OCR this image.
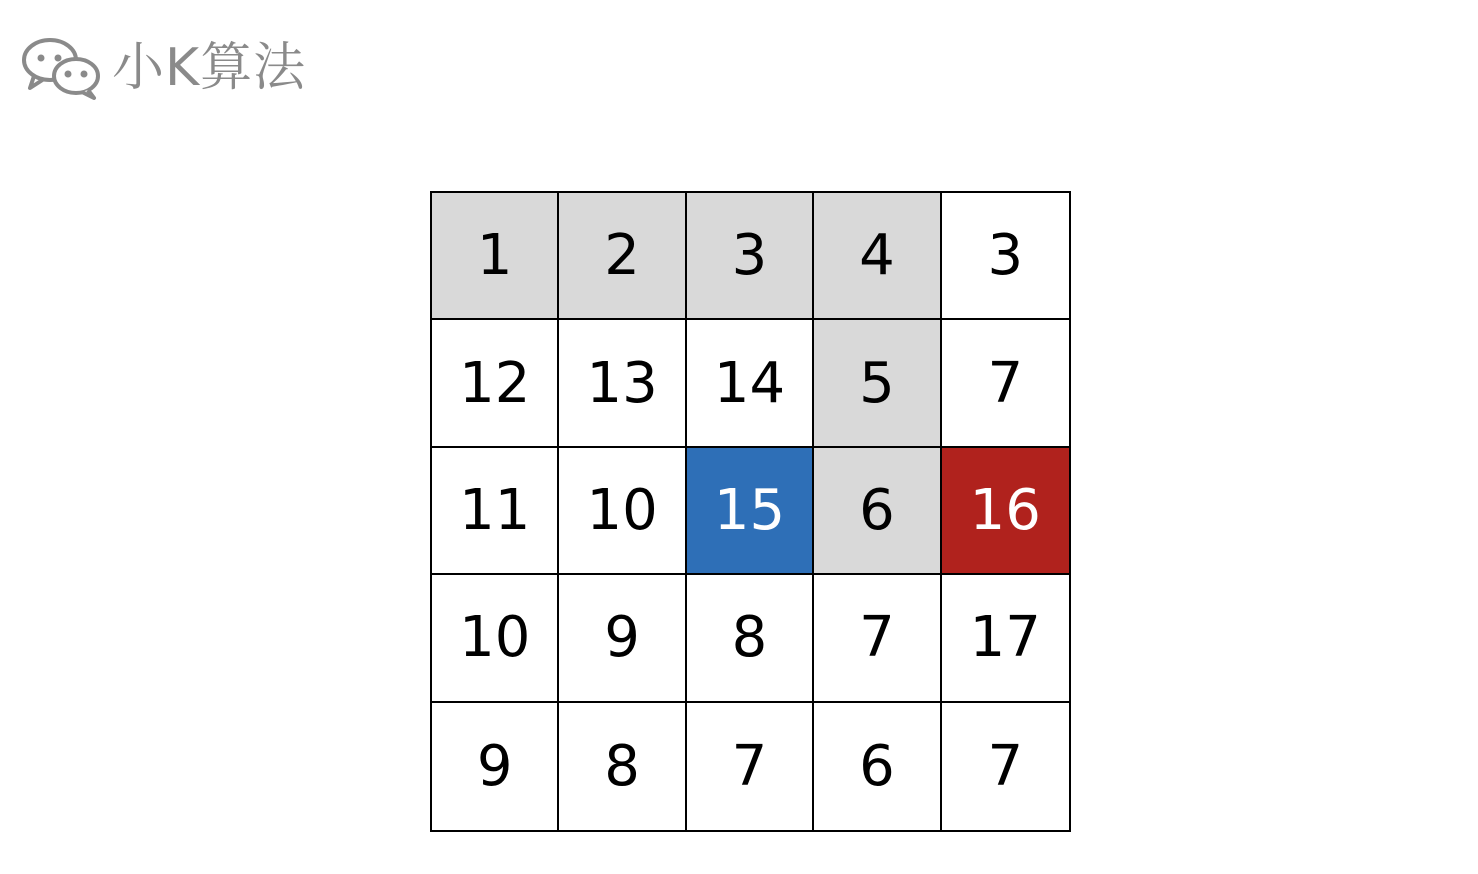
小K算法
1	2	3	4	3
12	13	14	5	7
11	10	15	6	16
10	9	8	7	17
9	8	7	6	7
